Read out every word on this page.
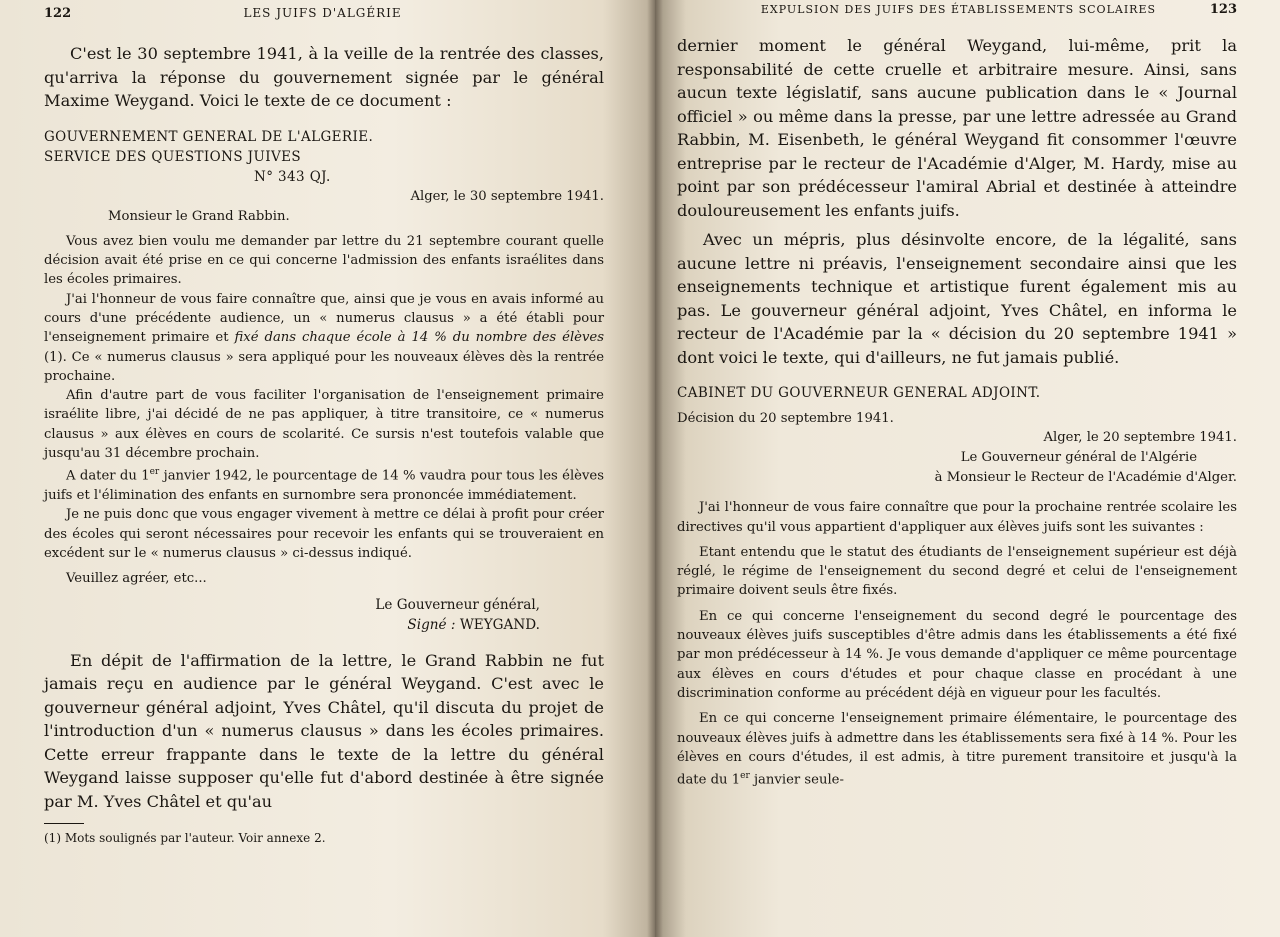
122	LES JUIFS D'ALGÉRIE

C'est le 30 septembre 1941, à la veille de la rentrée des classes, qu'arriva la réponse du gouvernement signée par le général Maxime Weygand. Voici le texte de ce document :

GOUVERNEMENT GENERAL DE L'ALGERIE.

SERVICE DES QUESTIONS JUIVES

N° 343 QJ.

Alger, le 30 septembre 1941.

Monsieur le Grand Rabbin.

Vous avez bien voulu me demander par lettre du 21 septembre courant quelle décision avait été prise en ce qui concerne l'admission des enfants israélites dans les écoles primaires.

J'ai l'honneur de vous faire connaître que, ainsi que je vous en avais informé au cours d'une précédente audience, un « numerus clausus » a été établi pour l'enseignement primaire et fixé dans chaque école à 14 % du nombre des élèves (1). Ce « numerus clausus » sera appliqué pour les nouveaux élèves dès la rentrée prochaine.

Afin d'autre part de vous faciliter l'organisation de l'enseignement primaire israélite libre, j'ai décidé de ne pas appliquer, à titre transitoire, ce « numerus clausus » aux élèves en cours de scolarité. Ce sursis n'est toutefois valable que jusqu'au 31 décembre prochain.

A dater du 1er janvier 1942, le pourcentage de 14 % vaudra pour tous les élèves juifs et l'élimination des enfants en surnombre sera prononcée immédiatement.

Je ne puis donc que vous engager vivement à mettre ce délai à profit pour créer des écoles qui seront nécessaires pour recevoir les enfants qui se trouveraient en excédent sur le « numerus clausus » ci-dessus indiqué.

Veuillez agréer, etc...

Le Gouverneur général,
Signé : WEYGAND.

En dépit de l'affirmation de la lettre, le Grand Rabbin ne fut jamais reçu en audience par le général Weygand. C'est avec le gouverneur général adjoint, Yves Châtel, qu'il discuta du projet de l'introduction d'un « numerus clausus » dans les écoles primaires. Cette erreur frappante dans le texte de la lettre du général Weygand laisse supposer qu'elle fut d'abord destinée à être signée par M. Yves Châtel et qu'au

(1) Mots soulignés par l'auteur. Voir annexe 2.

EXPULSION DES JUIFS DES ÉTABLISSEMENTS SCOLAIRES	123

dernier moment le général Weygand, lui-même, prit la responsabilité de cette cruelle et arbitraire mesure. Ainsi, sans aucun texte législatif, sans aucune publication dans le « Journal officiel » ou même dans la presse, par une lettre adressée au Grand Rabbin, M. Eisenbeth, le général Weygand fit consommer l'œuvre entreprise par le recteur de l'Académie d'Alger, M. Hardy, mise au point par son prédécesseur l'amiral Abrial et destinée à atteindre douloureusement les enfants juifs.

Avec un mépris, plus désinvolte encore, de la légalité, sans aucune lettre ni préavis, l'enseignement secondaire ainsi que les enseignements technique et artistique furent également mis au pas. Le gouverneur général adjoint, Yves Châtel, en informa le recteur de l'Académie par la « décision du 20 septembre 1941 » dont voici le texte, qui d'ailleurs, ne fut jamais publié.

CABINET DU GOUVERNEUR GENERAL ADJOINT.

Décision du 20 septembre 1941.

Alger, le 20 septembre 1941.

Le Gouverneur général de l'Algérie

à Monsieur le Recteur de l'Académie d'Alger.

J'ai l'honneur de vous faire connaître que pour la prochaine rentrée scolaire les directives qu'il vous appartient d'appliquer aux élèves juifs sont les suivantes :

Etant entendu que le statut des étudiants de l'enseignement supérieur est déjà réglé, le régime de l'enseignement du second degré et celui de l'enseignement primaire doivent seuls être fixés.

En ce qui concerne l'enseignement du second degré le pourcentage des nouveaux élèves juifs susceptibles d'être admis dans les établissements a été fixé par mon prédécesseur à 14 %. Je vous demande d'appliquer ce même pourcentage aux élèves en cours d'études et pour chaque classe en procédant à une discrimination conforme au précédent déjà en vigueur pour les facultés.

En ce qui concerne l'enseignement primaire élémentaire, le pourcentage des nouveaux élèves juifs à admettre dans les établissements sera fixé à 14 %. Pour les élèves en cours d'études, il est admis, à titre purement transitoire et jusqu'à la date du 1er janvier seule-
